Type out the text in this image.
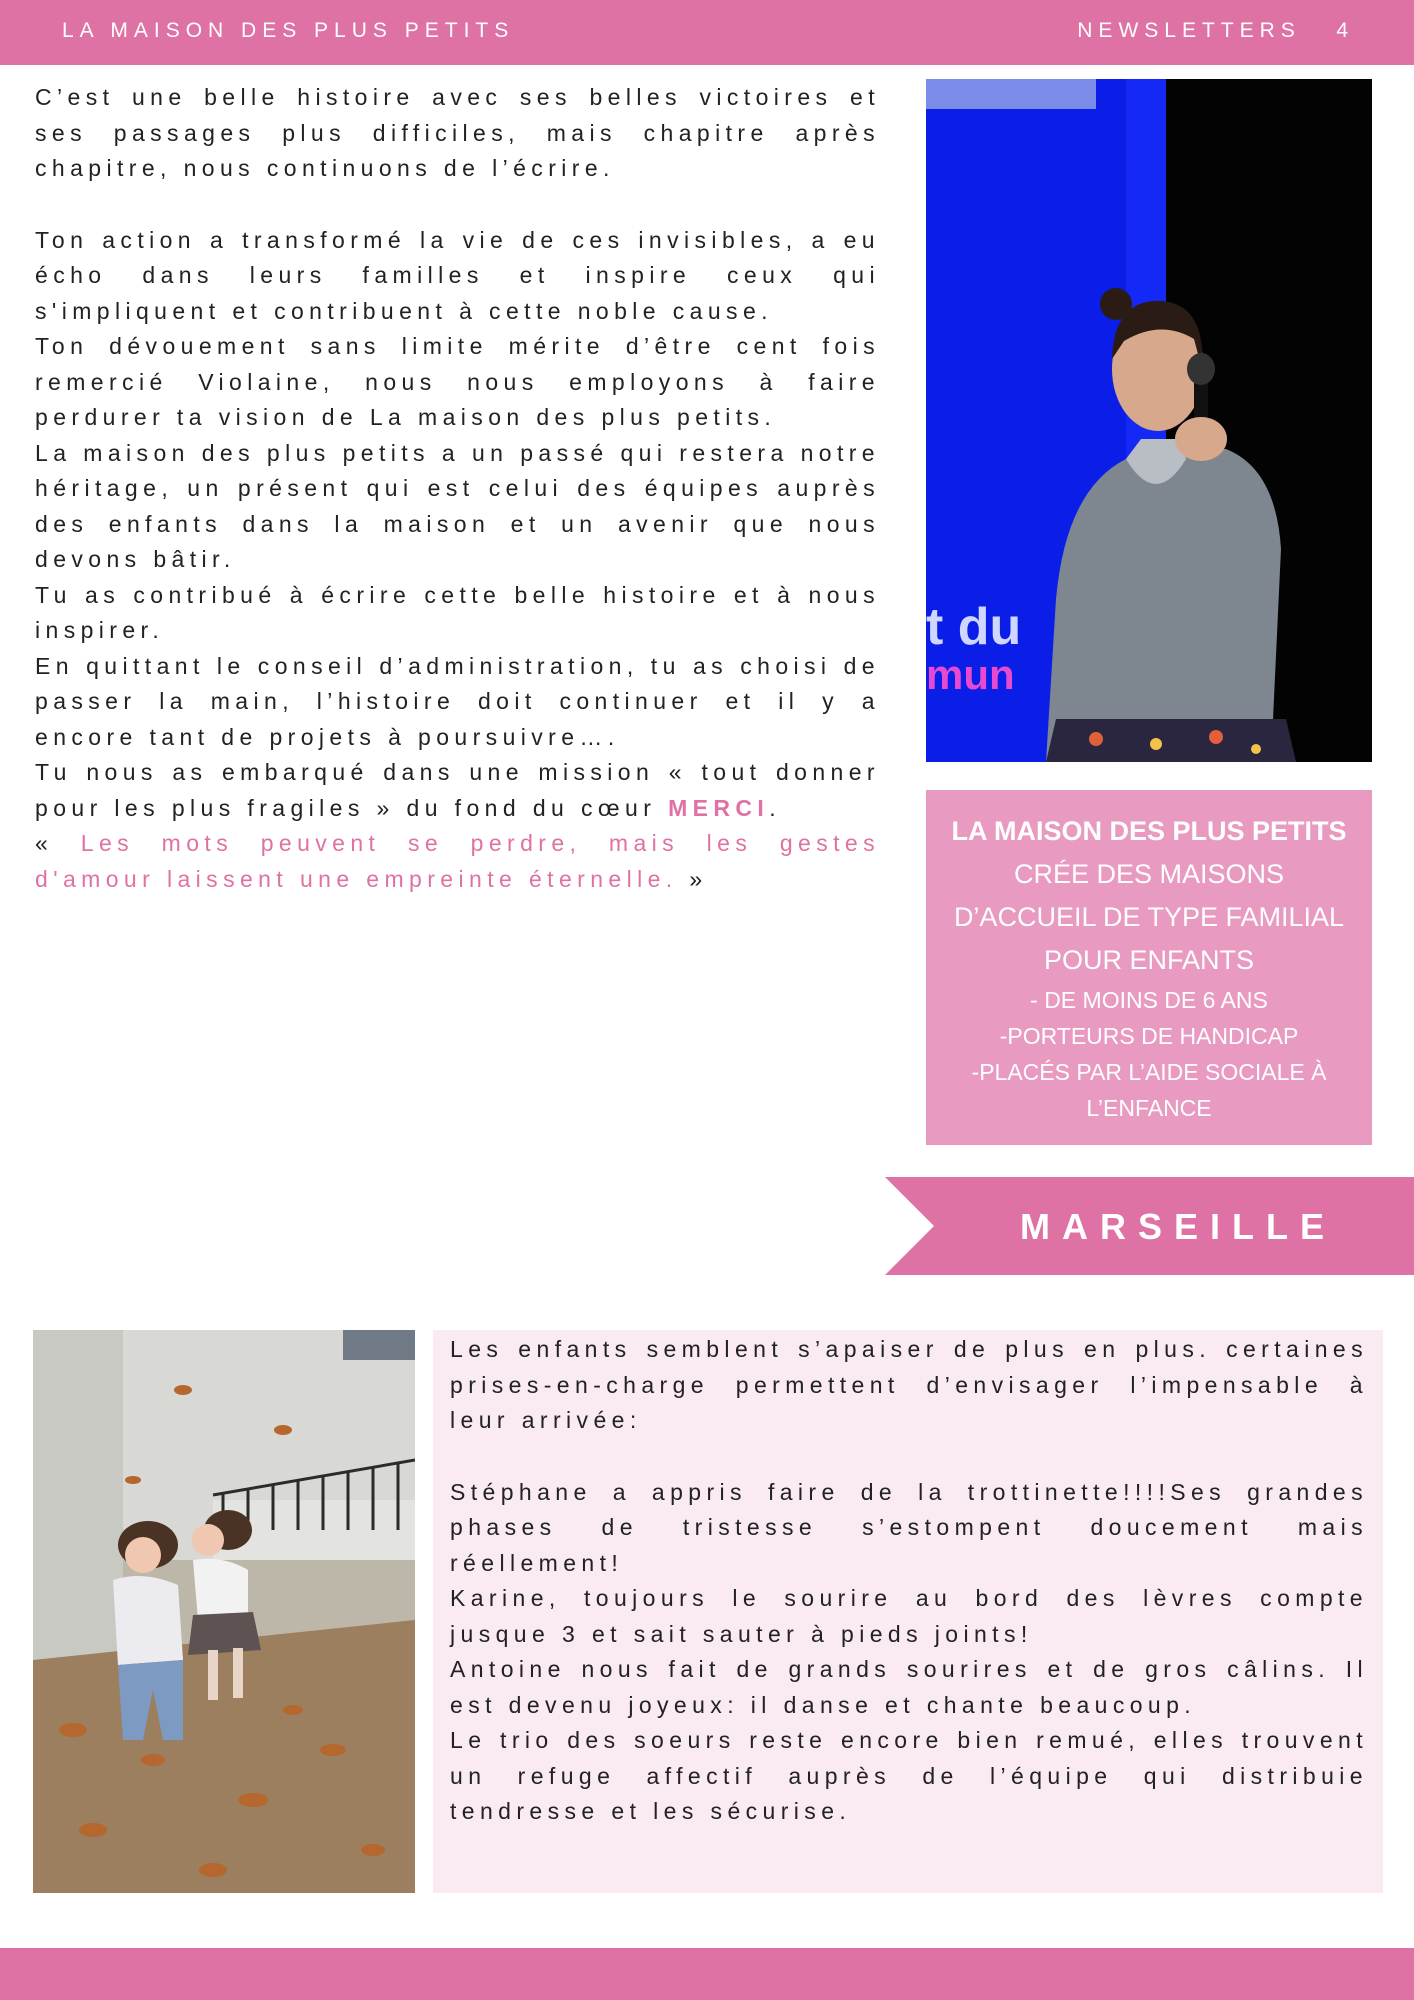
LA MAISON DES PLUS PETITS	NEWSLETTERS 4

C’est une belle histoire avec ses belles victoires et ses passages plus difficiles, mais chapitre après chapitre, nous continuons de l’écrire.

Ton action a transformé la vie de ces invisibles, a eu écho dans leurs familles et inspire ceux qui s'impliquent et contribuent à cette noble cause.

Ton dévouement sans limite mérite d’être cent fois remercié Violaine, nous nous employons à faire perdurer ta vision de La maison des plus petits.

La maison des plus petits a un passé qui restera notre héritage, un présent qui est celui des équipes auprès des enfants dans la maison et un avenir que nous devons bâtir.

Tu as contribué à écrire cette belle histoire et à nous inspirer.

En quittant le conseil d’administration, tu as choisi de passer la main, l’histoire doit continuer et il y a encore tant de projets à poursuivre….

Tu nous as embarqué dans une mission « tout donner pour les plus fragiles » du fond du cœur MERCI.

« Les mots peuvent se perdre, mais les gestes d'amour laissent une empreinte éternelle. »

t du
mun
LA MAISON DES PLUS PETITS CRÉE DES MAISONS D’ACCUEIL DE TYPE FAMILIAL POUR ENFANTS
- DE MOINS DE 6 ANS
-PORTEURS DE HANDICAP
-PLACÉS PAR L’AIDE SOCIALE À L’ENFANCE
MARSEILLE

Les enfants semblent s’apaiser de plus en plus. certaines prises-en-charge permettent d’envisager l’impensable à leur arrivée:

Stéphane a appris faire de la trottinette!!!!Ses grandes phases de tristesse s’estompent doucement mais réellement!

Karine, toujours le sourire au bord des lèvres compte jusque 3 et sait sauter à pieds joints!

Antoine nous fait de grands sourires et de gros câlins. Il est devenu joyeux: il danse et chante beaucoup.

Le trio des soeurs reste encore bien remué, elles trouvent un refuge affectif auprès de l’équipe qui distribuie tendresse et les sécurise.
